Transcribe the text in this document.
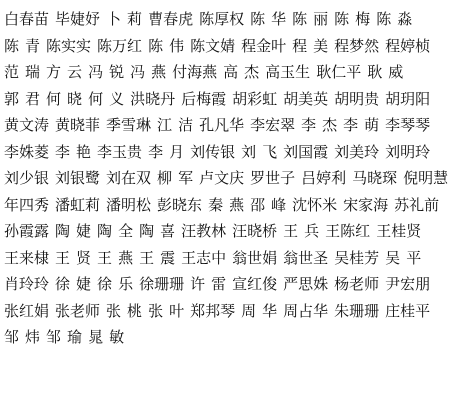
白春苗 毕婕妤 卜 莉 曹春虎 陈厚权 陈 华 陈 丽 陈 梅 陈 淼
陈 青 陈实实 陈万红 陈 伟 陈文婧 程金叶 程 美 程梦然 程婷桢
范 瑞 方 云 冯 锐 冯 燕 付海燕 高 杰 高玉生 耿仁平 耿 威
郭 君 何 晓 何 义 洪晓丹 后梅霞 胡彩虹 胡美英 胡明贵 胡玥阳
黄文涛 黄晓菲 季雪琳 江 洁 孔凡华 李宏翠 李 杰 李 萌 李琴琴
李姝菱 李 艳 李玉贵 李 月 刘传银 刘 飞 刘国霞 刘美玲 刘明玲
刘少银 刘银鹭 刘在双 柳 军 卢文庆 罗世子 吕婷利 马晓琛 倪明慧
年四秀 潘虹莉 潘明松 彭晓东 秦 燕 邵 峰 沈怀米 宋家海 苏礼前
孙霞露 陶 婕 陶 全 陶 喜 汪教林 汪晓桥 王 兵 王陈红 王桂贤
王来棣 王 贤 王 燕 王 震 王志中 翁世娟 翁世圣 吴桂芳 吴 平
肖玲玲 徐 婕 徐 乐 徐珊珊 许 雷 宣红俊 严思姝 杨老师 尹宏朋
张红娟 张老师 张 桃 张 叶 郑邦琴 周 华 周占华 朱珊珊 庄桂平
邹 炜 邹 瑜 晁 敏
